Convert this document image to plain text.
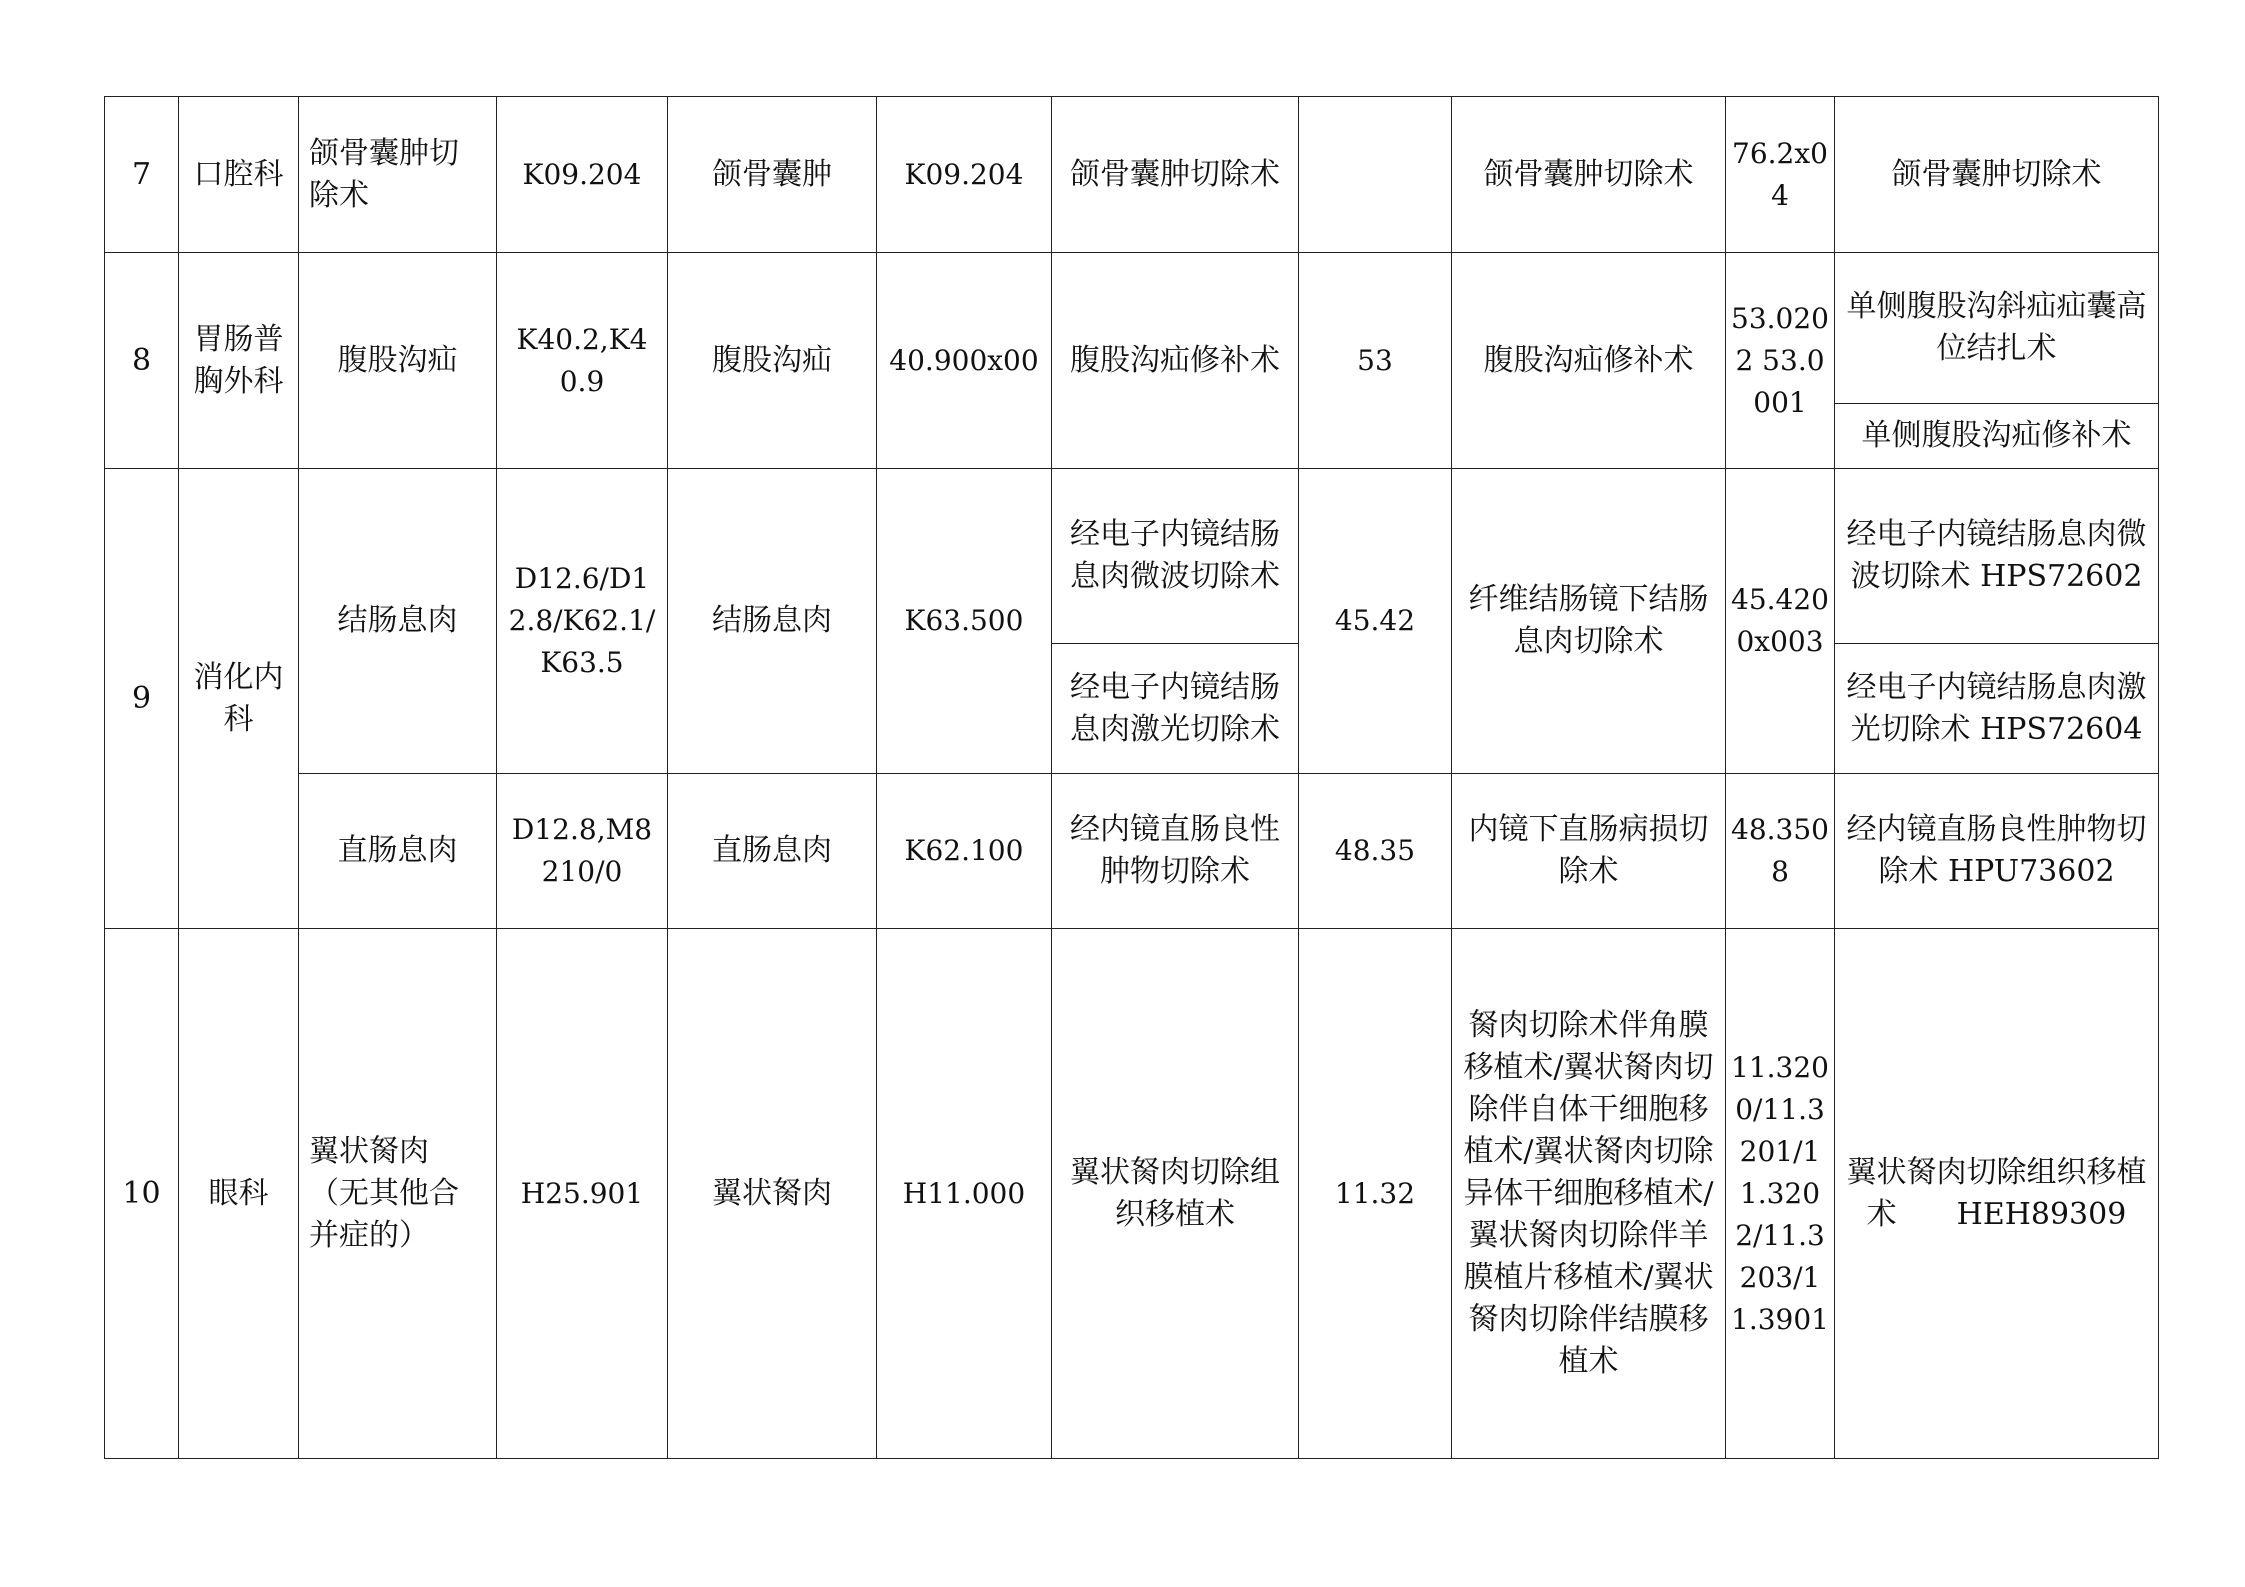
7	口腔科	颌骨囊肿切除术	K09.204	颌骨囊肿	K09.204	颌骨囊肿切除术		颌骨囊肿切除术	76.2x04	颌骨囊肿切除术
8	胃肠普胸外科	腹股沟疝	K40.2,K40.9	腹股沟疝	40.900x00	腹股沟疝修补术	53	腹股沟疝修补术	53.0202 53.0001	单侧腹股沟斜疝疝囊高位结扎术
										单侧腹股沟疝修补术
9	消化内科	结肠息肉	D12.6/D12.8/K62.1/K63.5	结肠息肉	K63.500	经电子内镜结肠息肉微波切除术	45.42	纤维结肠镜下结肠息肉切除术	45.4200x003	经电子内镜结肠息肉微波切除术 HPS72602
						经电子内镜结肠息肉激光切除术				经电子内镜结肠息肉激光切除术 HPS72604
		直肠息肉	D12.8,M8210/0	直肠息肉	K62.100	经内镜直肠良性肿物切除术	48.35	内镜下直肠病损切除术	48.3508	经内镜直肠良性肿物切除术 HPU73602
10	眼科	翼状胬肉（无其他合并症的）	H25.901	翼状胬肉	H11.000	翼状胬肉切除组织移植术	11.32	胬肉切除术伴角膜移植术/翼状胬肉切除伴自体干细胞移植术/翼状胬肉切除异体干细胞移植术/翼状胬肉切除伴羊膜植片移植术/翼状胬肉切除伴结膜移植术	11.3200/11.3201/11.3202/11.3203/11.3901	翼状胬肉切除组织移植术　　HEH89309
